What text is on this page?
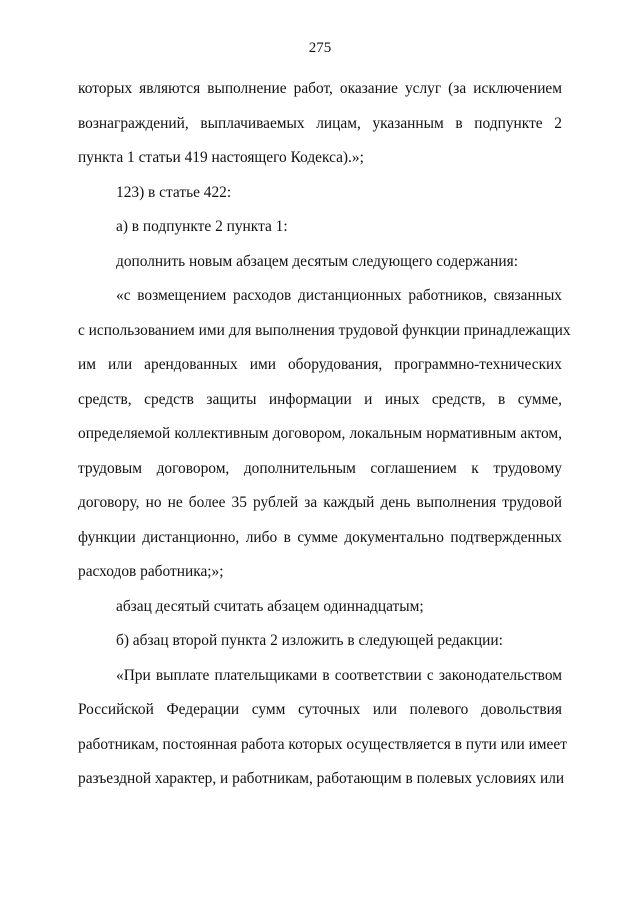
275
которых являются выполнение работ, оказание услуг (за исключением
вознаграждений, выплачиваемых лицам, указанным в подпункте 2
пункта 1 статьи 419 настоящего Кодекса).»;
123) в статье 422:
а) в подпункте 2 пункта 1:
дополнить новым абзацем десятым следующего содержания:
«с возмещением расходов дистанционных работников, связанных
с использованием ими для выполнения трудовой функции принадлежащих
им или арендованных ими оборудования, программно-технических
средств, средств защиты информации и иных средств, в сумме,
определяемой коллективным договором, локальным нормативным актом,
трудовым договором, дополнительным соглашением к трудовому
договору, но не более 35 рублей за каждый день выполнения трудовой
функции дистанционно, либо в сумме документально подтвержденных
расходов работника;»;
абзац десятый считать абзацем одиннадцатым;
б) абзац второй пункта 2 изложить в следующей редакции:
«При выплате плательщиками в соответствии с законодательством
Российской Федерации сумм суточных или полевого довольствия
работникам, постоянная работа которых осуществляется в пути или имеет
разъездной характер, и работникам, работающим в полевых условиях или
